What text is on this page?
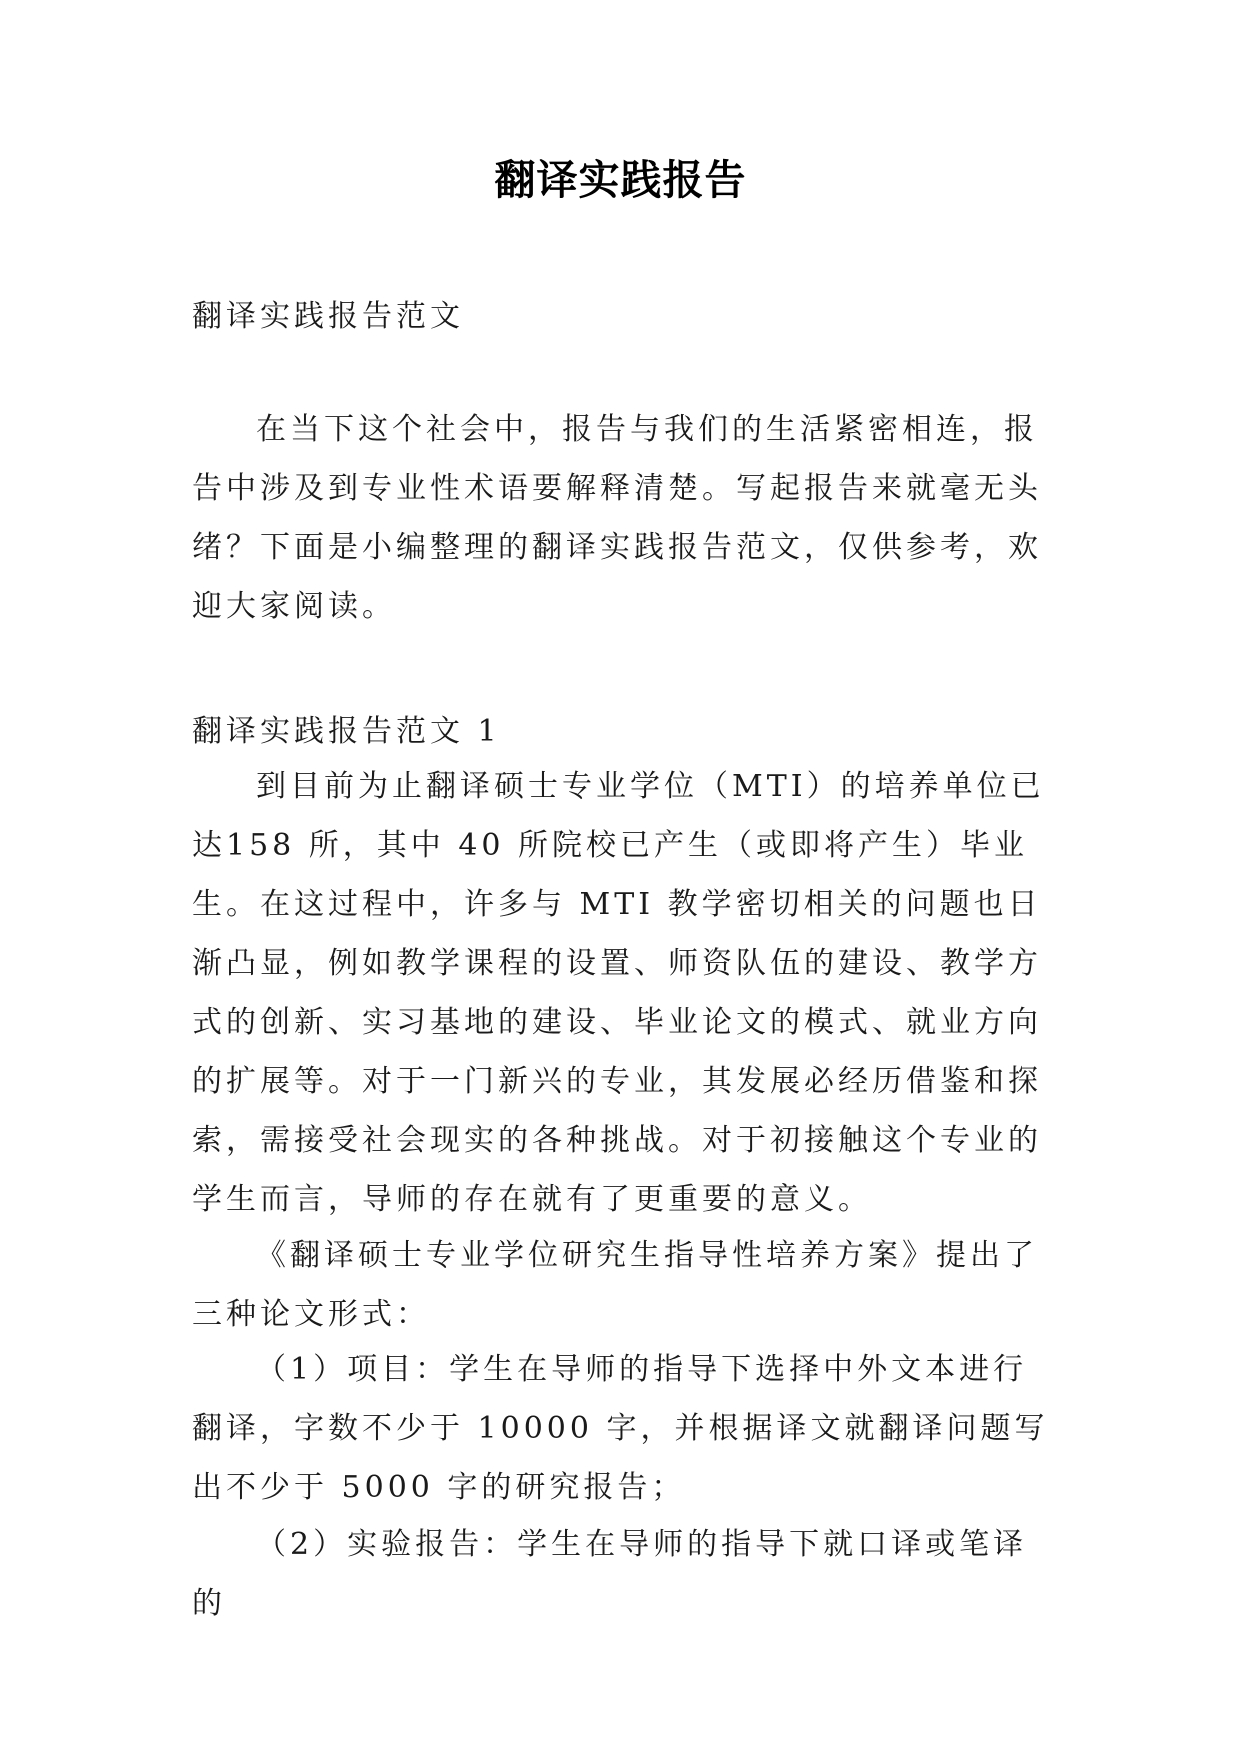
翻译实践报告

翻译实践报告范文

在当下这个社会中，报告与我们的生活紧密相连，报告中涉及到专业性术语要解释清楚。写起报告来就毫无头绪？下面是小编整理的翻译实践报告范文，仅供参考，欢迎大家阅读。

翻译实践报告范文 1

到目前为止翻译硕士专业学位（MTI）的培养单位已达158 所，其中 40 所院校已产生（或即将产生）毕业生。在这过程中，许多与 MTI 教学密切相关的问题也日渐凸显，例如教学课程的设置、师资队伍的建设、教学方式的创新、实习基地的建设、毕业论文的模式、就业方向的扩展等。对于一门新兴的专业，其发展必经历借鉴和探索，需接受社会现实的各种挑战。对于初接触这个专业的学生而言，导师的存在就有了更重要的意义。

《翻译硕士专业学位研究生指导性培养方案》提出了三种论文形式：

（1）项目：学生在导师的指导下选择中外文本进行翻译，字数不少于 10000 字，并根据译文就翻译问题写出不少于 5000 字的研究报告；

（2）实验报告：学生在导师的指导下就口译或笔译的
